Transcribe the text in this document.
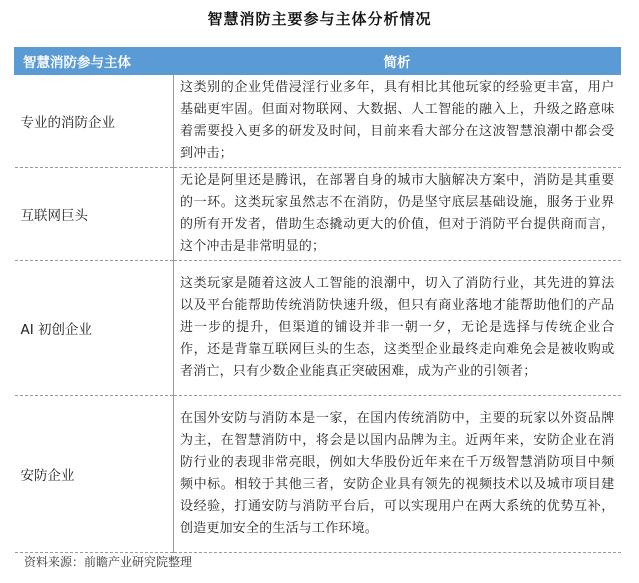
智慧消防主要参与主体分析情况
智慧消防参与主体	简析
专业的消防企业	这类别的企业凭借浸淫行业多年，具有相比其他玩家的经验更丰富，用户基础更牢固。但面对物联网、大数据、人工智能的融入上，升级之路意味着需要投入更多的研发及时间，目前来看大部分在这波智慧浪潮中都会受到冲击；
互联网巨头	无论是阿里还是腾讯，在部署自身的城市大脑解决方案中，消防是其重要的一环。这类玩家虽然志不在消防，仍是坚守底层基础设施，服务于业界的所有开发者，借助生态撬动更大的价值，但对于消防平台提供商而言，这个冲击是非常明显的；
AI 初创企业	这类玩家是随着这波人工智能的浪潮中，切入了消防行业，其先进的算法以及平台能帮助传统消防快速升级，但只有商业落地才能帮助他们的产品进一步的提升，但渠道的铺设并非一朝一夕，无论是选择与传统企业合作，还是背靠互联网巨头的生态，这类型企业最终走向难免会是被收购或者消亡，只有少数企业能真正突破困难，成为产业的引领者；
安防企业	在国外安防与消防本是一家，在国内传统消防中，主要的玩家以外资品牌为主，在智慧消防中，将会是以国内品牌为主。近两年来，安防企业在消防行业的表现非常亮眼，例如大华股份近年来在千万级智慧消防项目中频频中标。相较于其他三者，安防企业具有领先的视频技术以及城市项目建设经验，打通安防与消防平台后，可以实现用户在两大系统的优势互补，创造更加安全的生活与工作环境。
资料来源：前瞻产业研究院整理
